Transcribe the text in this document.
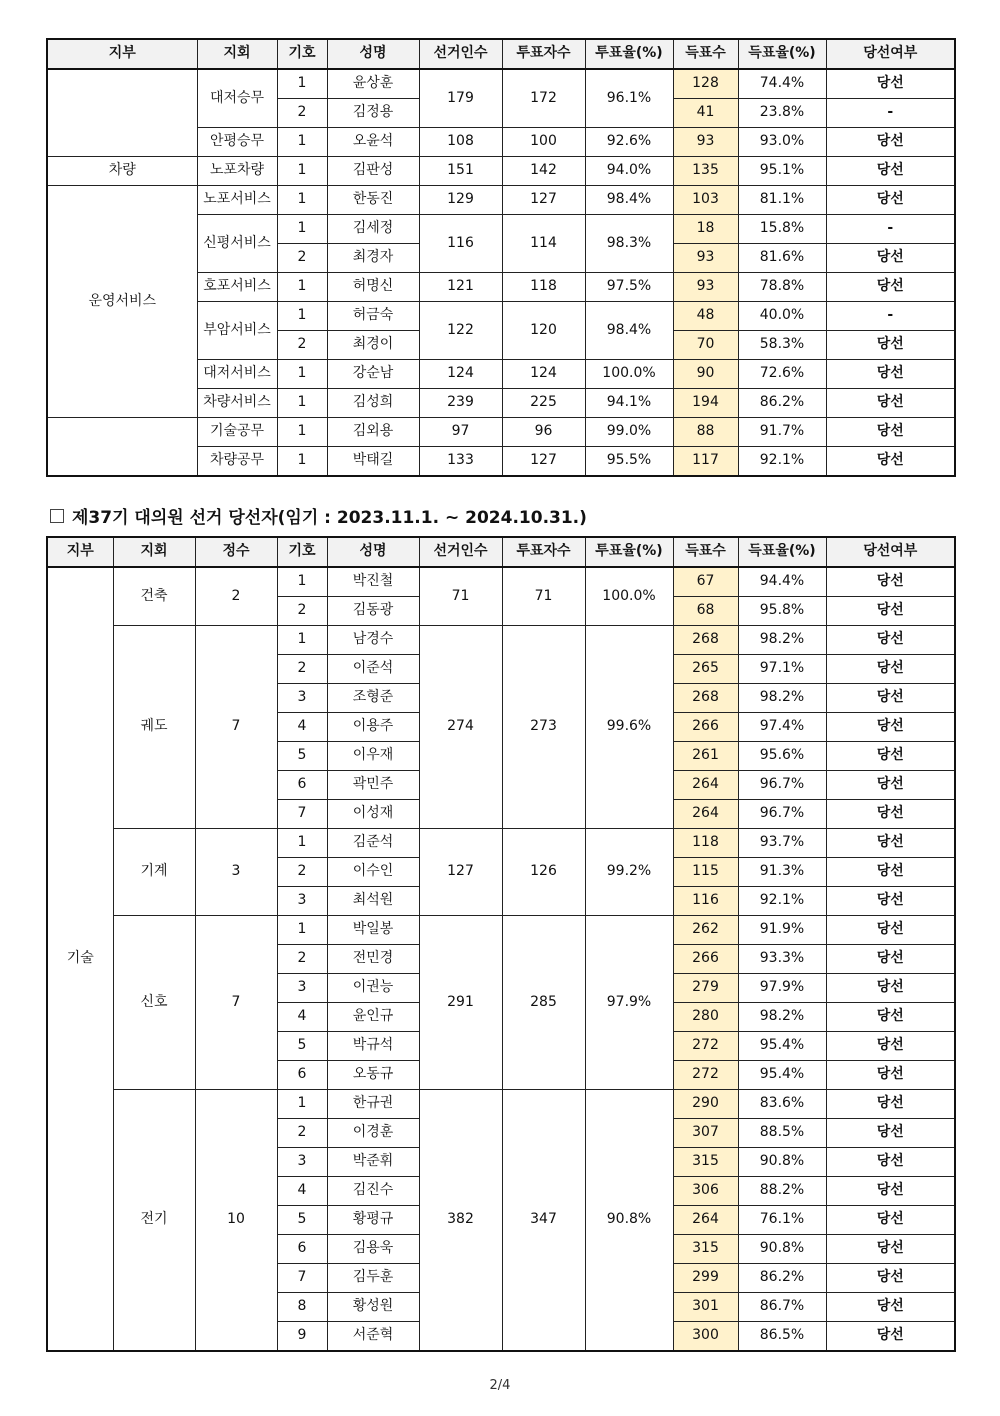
지부	지회	기호	성명	선거인수	투표자수	투표율(%)	득표수	득표율(%)	당선여부
	대저승무	1	윤상훈	179	172	96.1%	128	74.4%	당선
		2	김정용				41	23.8%	-
	안평승무	1	오윤석	108	100	92.6%	93	93.0%	당선
차량	노포차량	1	김판성	151	142	94.0%	135	95.1%	당선
운영서비스	노포서비스	1	한동진	129	127	98.4%	103	81.1%	당선
	신평서비스	1	김세정	116	114	98.3%	18	15.8%	-
		2	최경자				93	81.6%	당선
	호포서비스	1	허명신	121	118	97.5%	93	78.8%	당선
	부암서비스	1	허금숙	122	120	98.4%	48	40.0%	-
		2	최경이				70	58.3%	당선
	대저서비스	1	강순남	124	124	100.0%	90	72.6%	당선
	차량서비스	1	김성희	239	225	94.1%	194	86.2%	당선
	기술공무	1	김외용	97	96	99.0%	88	91.7%	당선
	차량공무	1	박태길	133	127	95.5%	117	92.1%	당선
제37기 대의원 선거 당선자(임기 : 2023.11.1. ~ 2024.10.31.)
지부	지회	정수	기호	성명	선거인수	투표자수	투표율(%)	득표수	득표율(%)	당선여부
기술	건축	2	1	박진철	71	71	100.0%	67	94.4%	당선
			2	김동광				68	95.8%	당선
	궤도	7	1	남경수	274	273	99.6%	268	98.2%	당선
			2	이준석				265	97.1%	당선
			3	조형준				268	98.2%	당선
			4	이용주				266	97.4%	당선
			5	이우재				261	95.6%	당선
			6	곽민주				264	96.7%	당선
			7	이성재				264	96.7%	당선
	기계	3	1	김준석	127	126	99.2%	118	93.7%	당선
			2	이수인				115	91.3%	당선
			3	최석원				116	92.1%	당선
	신호	7	1	박일봉	291	285	97.9%	262	91.9%	당선
			2	전민경				266	93.3%	당선
			3	이권능				279	97.9%	당선
			4	윤인규				280	98.2%	당선
			5	박규석				272	95.4%	당선
			6	오동규				272	95.4%	당선
	전기	10	1	한규권	382	347	90.8%	290	83.6%	당선
			2	이경훈				307	88.5%	당선
			3	박준휘				315	90.8%	당선
			4	김진수				306	88.2%	당선
			5	황평규				264	76.1%	당선
			6	김용욱				315	90.8%	당선
			7	김두훈				299	86.2%	당선
			8	황성원				301	86.7%	당선
			9	서준혁				300	86.5%	당선
2/4
